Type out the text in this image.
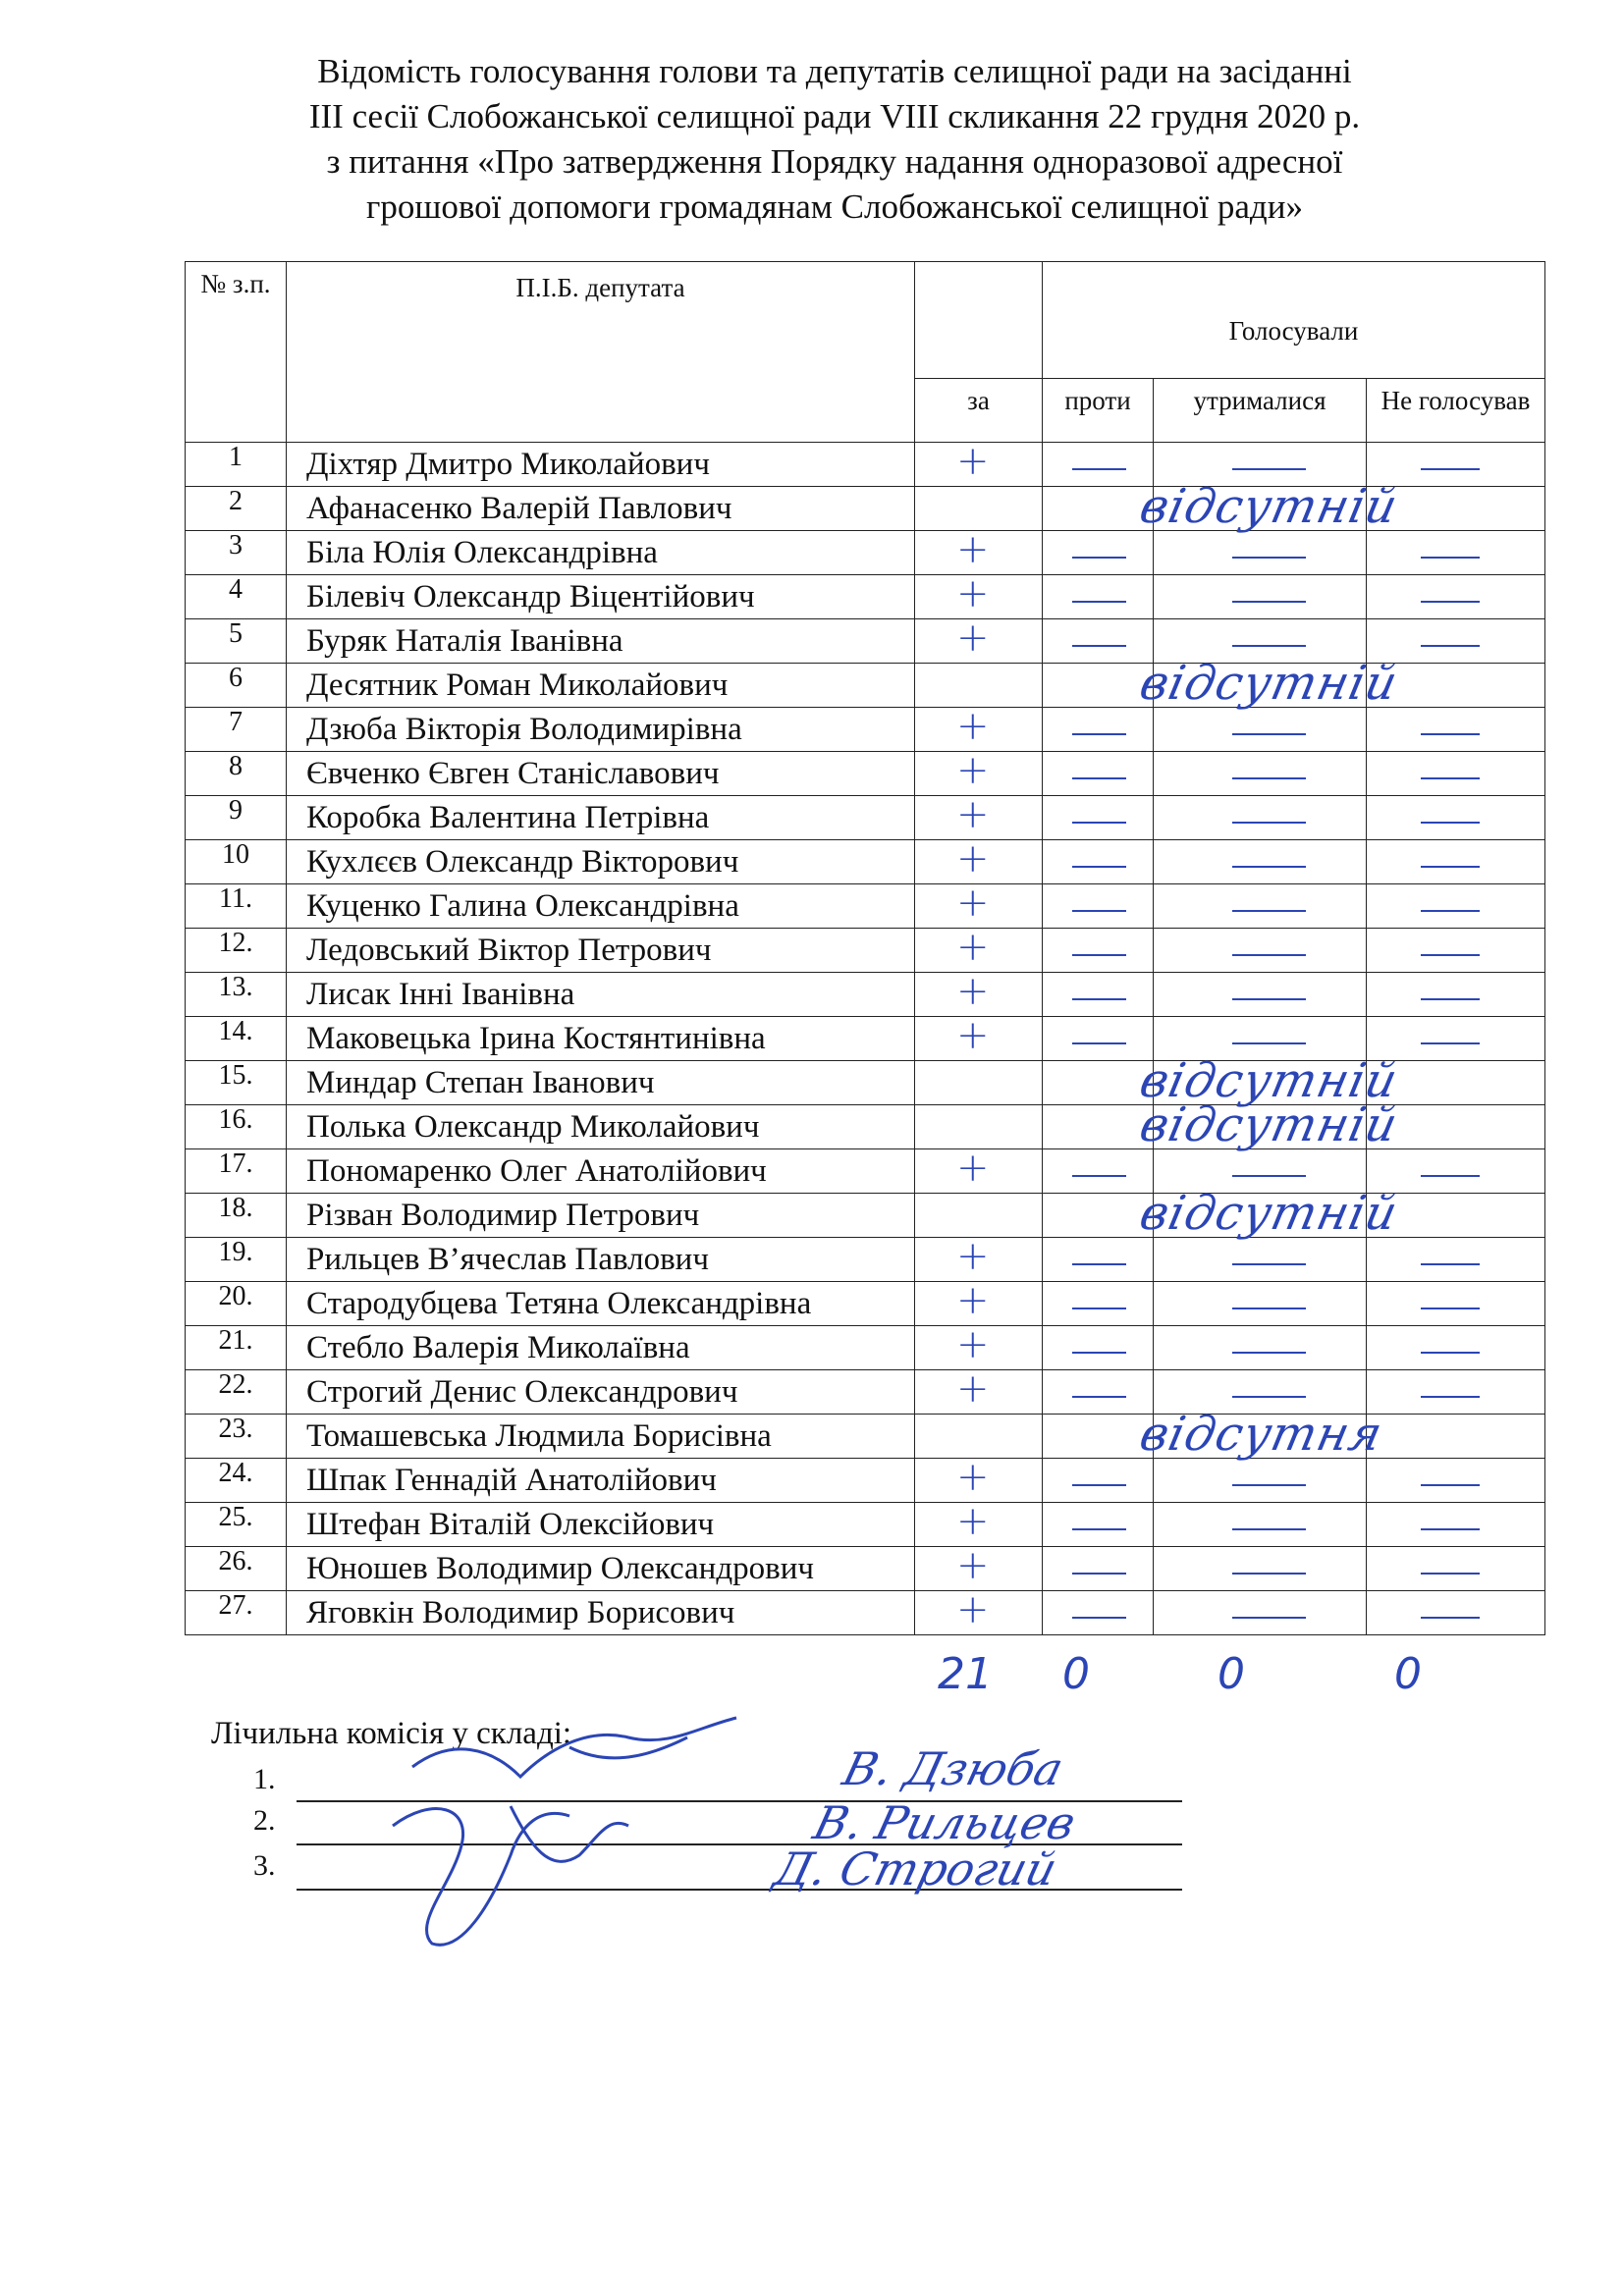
Відомість голосування голови та депутатів селищної ради на засіданні
ІІІ сесії Слобожанської селищної ради VIII скликання 22 грудня 2020 р.
з питання «Про затвердження Порядку надання одноразової адресної
грошової допомоги громадянам Слобожанської селищної ради»
№ з.п.	П.І.Б. депутата		Голосували		
		за	проти	утрималися	Не голосував
1	Діхтяр Дмитро Миколайович	+			

2	Афанасенко Валерій Павлович		відсутній		

3	Біла Юлія Олександрівна	+			

4	Білевіч Олександр Віцентійович	+			

5	Буряк Наталія Іванівна	+			

6	Десятник Роман Миколайович		відсутній		

7	Дзюба Вікторія Володимирівна	+			

8	Євченко Євген Станіславович	+			

9	Коробка Валентина Петрівна	+			

10	Кухлєєв Олександр Вікторович	+			

11.	Куценко Галина Олександрівна	+			

12.	Ледовський Віктор Петрович	+			

13.	Лисак Інні Іванівна	+			

14.	Маковецька Ірина Костянтинівна	+			

15.	Миндар Степан Іванович		відсутній		

16.	Полька Олександр Миколайович		відсутній		

17.	Пономаренко Олег Анатолійович	+			

18.	Різван Володимир Петрович		відсутній		

19.	Рильцев В’ячеслав Павлович	+			

20.	Стародубцева Тетяна Олександрівна	+			

21.	Стебло Валерія Миколаївна	+			

22.	Строгий Денис Олександрович	+			

23.	Томашевська Людмила Борисівна		відсутня		

24.	Шпак Геннадій Анатолійович	+			

25.	Штефан Віталій Олексійович	+			

26.	Юношев Володимир Олександрович	+			

27.	Яговкін Володимир Борисович	+			

21 0	0	0
Лічильна комісія у складі:
1.	В. Дзюба
2.	В. Рильцев
3.	Д. Строгий
